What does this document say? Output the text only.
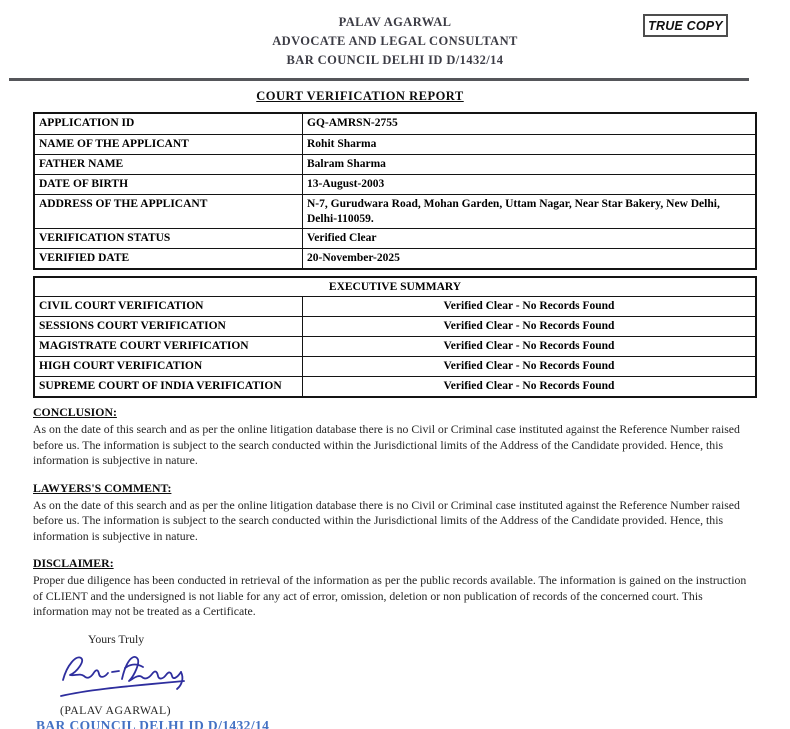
PALAV AGARWAL
ADVOCATE AND LEGAL CONSULTANT
BAR COUNCIL DELHI ID D/1432/14
TRUE COPY
COURT VERIFICATION REPORT
APPLICATION ID	GQ-AMRSN-2755
NAME OF THE APPLICANT	Rohit Sharma
FATHER NAME	Balram Sharma
DATE OF BIRTH	13-August-2003
ADDRESS OF THE APPLICANT	N-7, Gurudwara Road, Mohan Garden, Uttam Nagar, Near Star Bakery, New Delhi, Delhi-110059.
VERIFICATION STATUS	Verified Clear
VERIFIED DATE	20-November-2025
EXECUTIVE SUMMARY
CIVIL COURT VERIFICATION	Verified Clear - No Records Found
SESSIONS COURT VERIFICATION	Verified Clear - No Records Found
MAGISTRATE COURT VERIFICATION	Verified Clear - No Records Found
HIGH COURT VERIFICATION	Verified Clear - No Records Found
SUPREME COURT OF INDIA VERIFICATION	Verified Clear - No Records Found
CONCLUSION:
As on the date of this search and as per the online litigation database there is no Civil or Criminal case instituted against the Reference Number raised before us. The information is subject to the search conducted within the Jurisdictional limits of the Address of the Candidate provided. Hence, this information is subjective in nature.
LAWYERS'S COMMENT:
As on the date of this search and as per the online litigation database there is no Civil or Criminal case instituted against the Reference Number raised before us. The information is subject to the search conducted within the Jurisdictional limits of the Address of the Candidate provided. Hence, this information is subjective in nature.
DISCLAIMER:
Proper due diligence has been conducted in retrieval of the information as per the public records available. The information is gained on the instruction of CLIENT and the undersigned is not liable for any act of error, omission, deletion or non publication of records of the concerned court. This information may not be treated as a Certificate.
Yours Truly
(PALAV AGARWAL)
BAR COUNCIL DELHI ID D/1432/14
